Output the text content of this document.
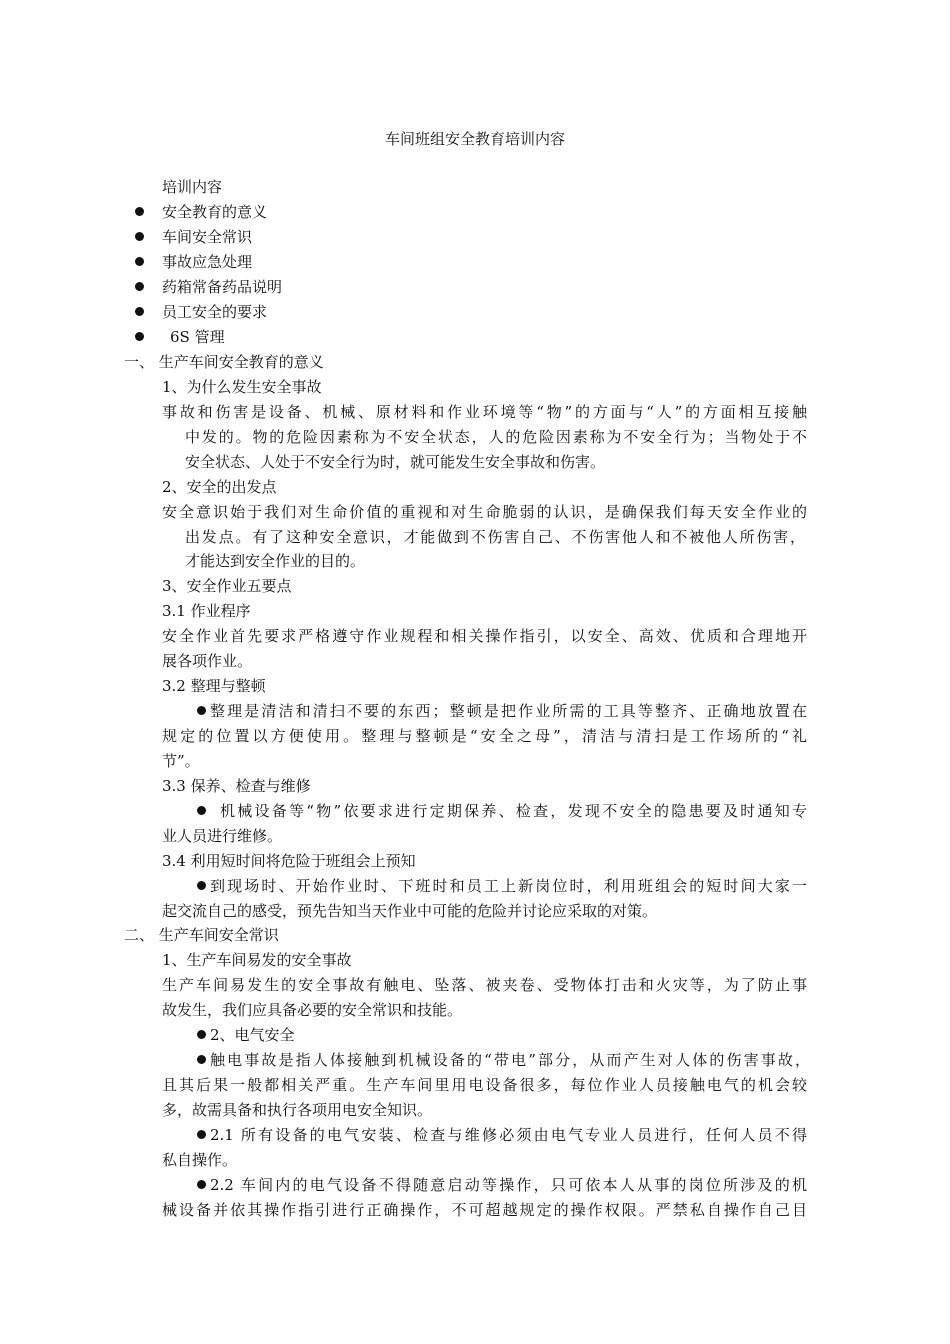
车间班组安全教育培训内容
培训内容
安全教育的意义
车间安全常识
事故应急处理
药箱常备药品说明
员工安全的要求
6S 管理
一、 生产车间安全教育的意义
1、为什么发生安全事故
事故和伤害是设备、机械、原材料和作业环境等“物”的方面与“人”的方面相互接触
中发的。物的危险因素称为不安全状态，人的危险因素称为不安全行为；当物处于不
安全状态、人处于不安全行为时，就可能发生安全事故和伤害。
2、安全的出发点
安全意识始于我们对生命价值的重视和对生命脆弱的认识，是确保我们每天安全作业的
出发点。有了这种安全意识，才能做到不伤害自己、不伤害他人和不被他人所伤害，
才能达到安全作业的目的。
3、安全作业五要点
3.1 作业程序
安全作业首先要求严格遵守作业规程和相关操作指引，以安全、高效、优质和合理地开
展各项作业。
3.2 整理与整顿
整理是清洁和清扫不要的东西；整顿是把作业所需的工具等整齐、正确地放置在
规定的位置以方便使用。整理与整顿是“安全之母”，清洁与清扫是工作场所的“礼
节”。
3.3 保养、检查与维修
机械设备等“物”依要求进行定期保养、检查，发现不安全的隐患要及时通知专
业人员进行维修。
3.4 利用短时间将危险于班组会上预知
到现场时、开始作业时、下班时和员工上新岗位时，利用班组会的短时间大家一
起交流自己的感受，预先告知当天作业中可能的危险并讨论应采取的对策。
二、 生产车间安全常识
1、生产车间易发的安全事故
生产车间易发生的安全事故有触电、坠落、被夹卷、受物体打击和火灾等，为了防止事
故发生，我们应具备必要的安全常识和技能。
2、电气安全
触电事故是指人体接触到机械设备的“带电”部分，从而产生对人体的伤害事故，
且其后果一般都相关严重。生产车间里用电设备很多，每位作业人员接触电气的机会较
多，故需具备和执行各项用电安全知识。
2.1 所有设备的电气安装、检查与维修必须由电气专业人员进行，任何人员不得
私自操作。
2.2 车间内的电气设备不得随意启动等操作，只可依本人从事的岗位所涉及的机
械设备并依其操作指引进行正确操作，不可超越规定的操作权限。严禁私自操作自己目
